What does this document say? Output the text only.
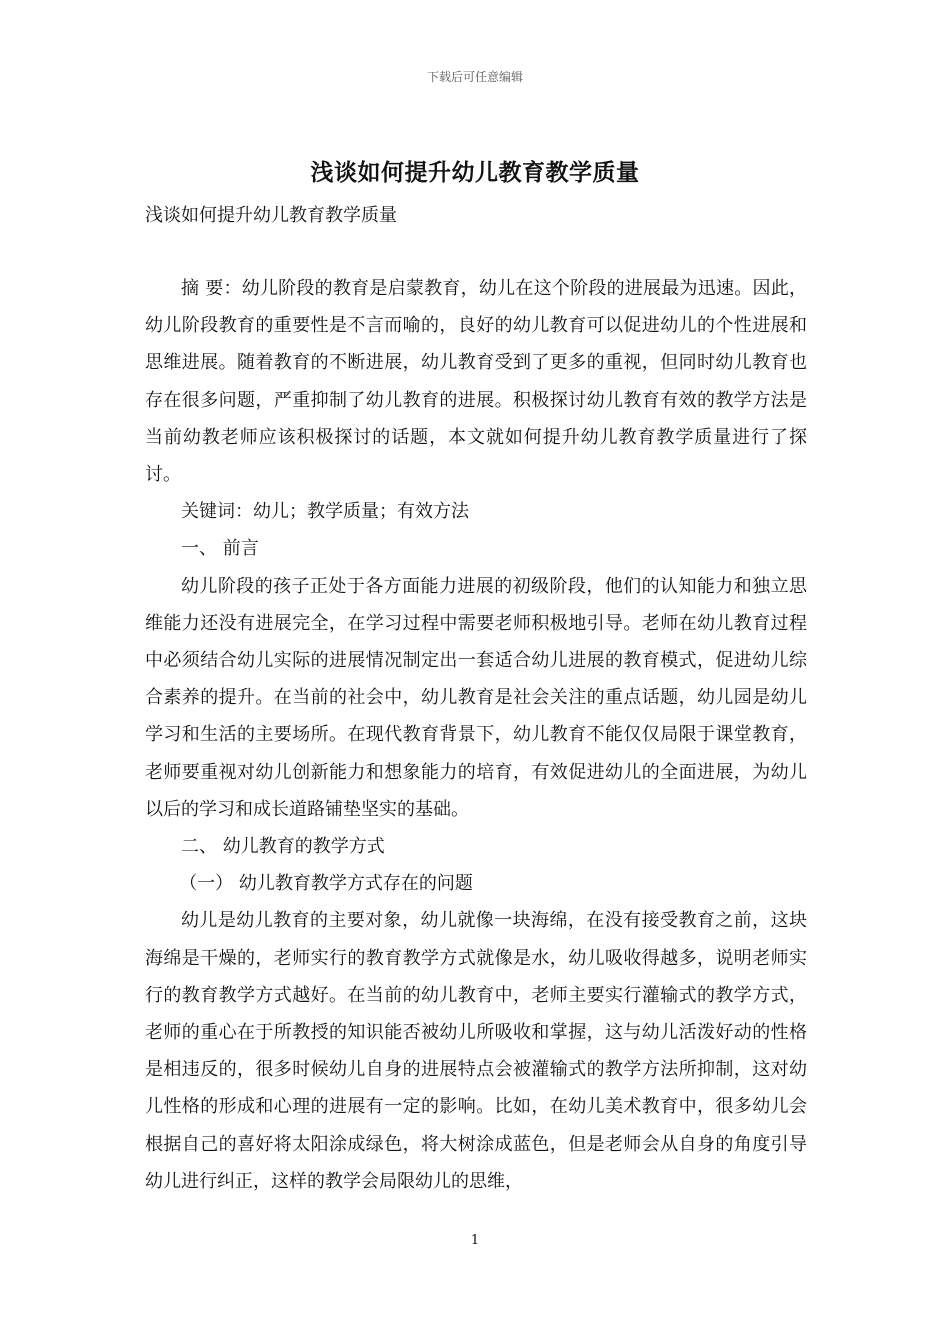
下载后可任意编辑
浅谈如何提升幼儿教育教学质量
浅谈如何提升幼儿教育教学质量

摘 要：幼儿阶段的教育是启蒙教育，幼儿在这个阶段的进展最为迅速。因此，幼儿阶段教育的重要性是不言而喻的，良好的幼儿教育可以促进幼儿的个性进展和思维进展。随着教育的不断进展，幼儿教育受到了更多的重视，但同时幼儿教育也存在很多问题，严重抑制了幼儿教育的进展。积极探讨幼儿教育有效的教学方法是当前幼教老师应该积极探讨的话题，本文就如何提升幼儿教育教学质量进行了探讨。

关键词：幼儿；教学质量；有效方法

一、 前言

幼儿阶段的孩子正处于各方面能力进展的初级阶段，他们的认知能力和独立思维能力还没有进展完全，在学习过程中需要老师积极地引导。老师在幼儿教育过程中必须结合幼儿实际的进展情况制定出一套适合幼儿进展的教育模式，促进幼儿综合素养的提升。在当前的社会中，幼儿教育是社会关注的重点话题，幼儿园是幼儿学习和生活的主要场所。在现代教育背景下，幼儿教育不能仅仅局限于课堂教育，老师要重视对幼儿创新能力和想象能力的培育，有效促进幼儿的全面进展，为幼儿以后的学习和成长道路铺垫坚实的基础。

二、 幼儿教育的教学方式

（一） 幼儿教育教学方式存在的问题

幼儿是幼儿教育的主要对象，幼儿就像一块海绵，在没有接受教育之前，这块海绵是干燥的，老师实行的教育教学方式就像是水，幼儿吸收得越多，说明老师实行的教育教学方式越好。在当前的幼儿教育中，老师主要实行灌输式的教学方式，老师的重心在于所教授的知识能否被幼儿所吸收和掌握，这与幼儿活泼好动的性格是相违反的，很多时候幼儿自身的进展特点会被灌输式的教学方法所抑制，这对幼儿性格的形成和心理的进展有一定的影响。比如，在幼儿美术教育中，很多幼儿会根据自己的喜好将太阳涂成绿色，将大树涂成蓝色，但是老师会从自身的角度引导幼儿进行纠正，这样的教学会局限幼儿的思维，

1
